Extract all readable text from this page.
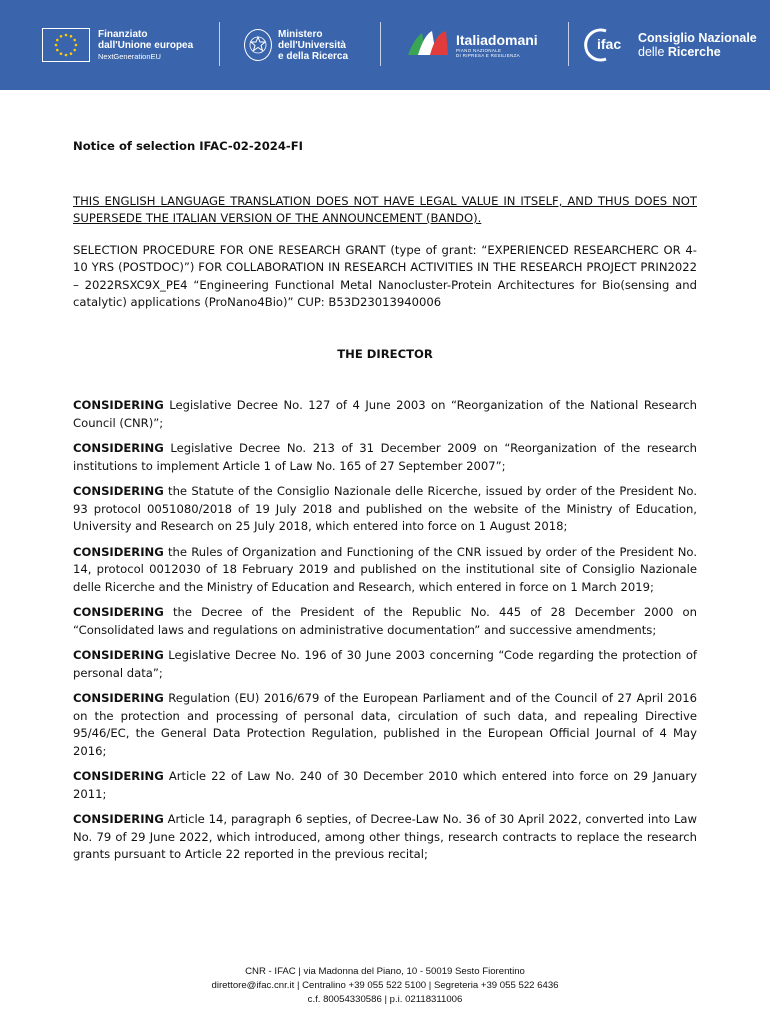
Finanziato
dall'Unione europea
NextGenerationEU
Ministero
dell'Università
e della Ricerca
Italiadomani
PIANO NAZIONALE
DI RIPRESA E RESILIENZA
ifac Consiglio Nazionale
delle Ricerche

Notice of selection IFAC-02-2024-FI

THIS ENGLISH LANGUAGE TRANSLATION DOES NOT HAVE LEGAL VALUE IN ITSELF, AND THUS DOES NOT SUPERSEDE THE ITALIAN VERSION OF THE ANNOUNCEMENT (BANDO).

SELECTION PROCEDURE FOR ONE RESEARCH GRANT (type of grant: “EXPERIENCED RESEARCHERC OR 4-10 YRS (POSTDOC)”) FOR COLLABORATION IN RESEARCH ACTIVITIES IN THE RESEARCH PROJECT PRIN2022 – 2022RSXC9X_PE4 “Engineering Functional Metal Nanocluster-Protein Architectures for Bio(sensing and catalytic) applications (ProNano4Bio)” CUP: B53D23013940006

THE DIRECTOR

CONSIDERING Legislative Decree No. 127 of 4 June 2003 on “Reorganization of the National Research Council (CNR)”;

CONSIDERING Legislative Decree No. 213 of 31 December 2009 on “Reorganization of the research institutions to implement Article 1 of Law No. 165 of 27 September 2007”;

CONSIDERING the Statute of the Consiglio Nazionale delle Ricerche, issued by order of the President No. 93 protocol 0051080/2018 of 19 July 2018 and published on the website of the Ministry of Education, University and Research on 25 July 2018, which entered into force on 1 August 2018;

CONSIDERING the Rules of Organization and Functioning of the CNR issued by order of the President No. 14, protocol 0012030 of 18 February 2019 and published on the institutional site of Consiglio Nazionale delle Ricerche and the Ministry of Education and Research, which entered in force on 1 March 2019;

CONSIDERING the Decree of the President of the Republic No. 445 of 28 December 2000 on “Consolidated laws and regulations on administrative documentation” and successive amendments;

CONSIDERING Legislative Decree No. 196 of 30 June 2003 concerning “Code regarding the protection of personal data”;

CONSIDERING Regulation (EU) 2016/679 of the European Parliament and of the Council of 27 April 2016 on the protection and processing of personal data, circulation of such data, and repealing Directive 95/46/EC, the General Data Protection Regulation, published in the European Official Journal of 4 May 2016;

CONSIDERING Article 22 of Law No. 240 of 30 December 2010 which entered into force on 29 January 2011;

CONSIDERING Article 14, paragraph 6 septies, of Decree-Law No. 36 of 30 April 2022, converted into Law No. 79 of 29 June 2022, which introduced, among other things, research contracts to replace the research grants pursuant to Article 22 reported in the previous recital;

CNR - IFAC | via Madonna del Piano, 10 - 50019 Sesto Fiorentino
direttore@ifac.cnr.it | Centralino +39 055 522 5100 | Segreteria +39 055 522 6436
c.f. 80054330586 | p.i. 02118311006
